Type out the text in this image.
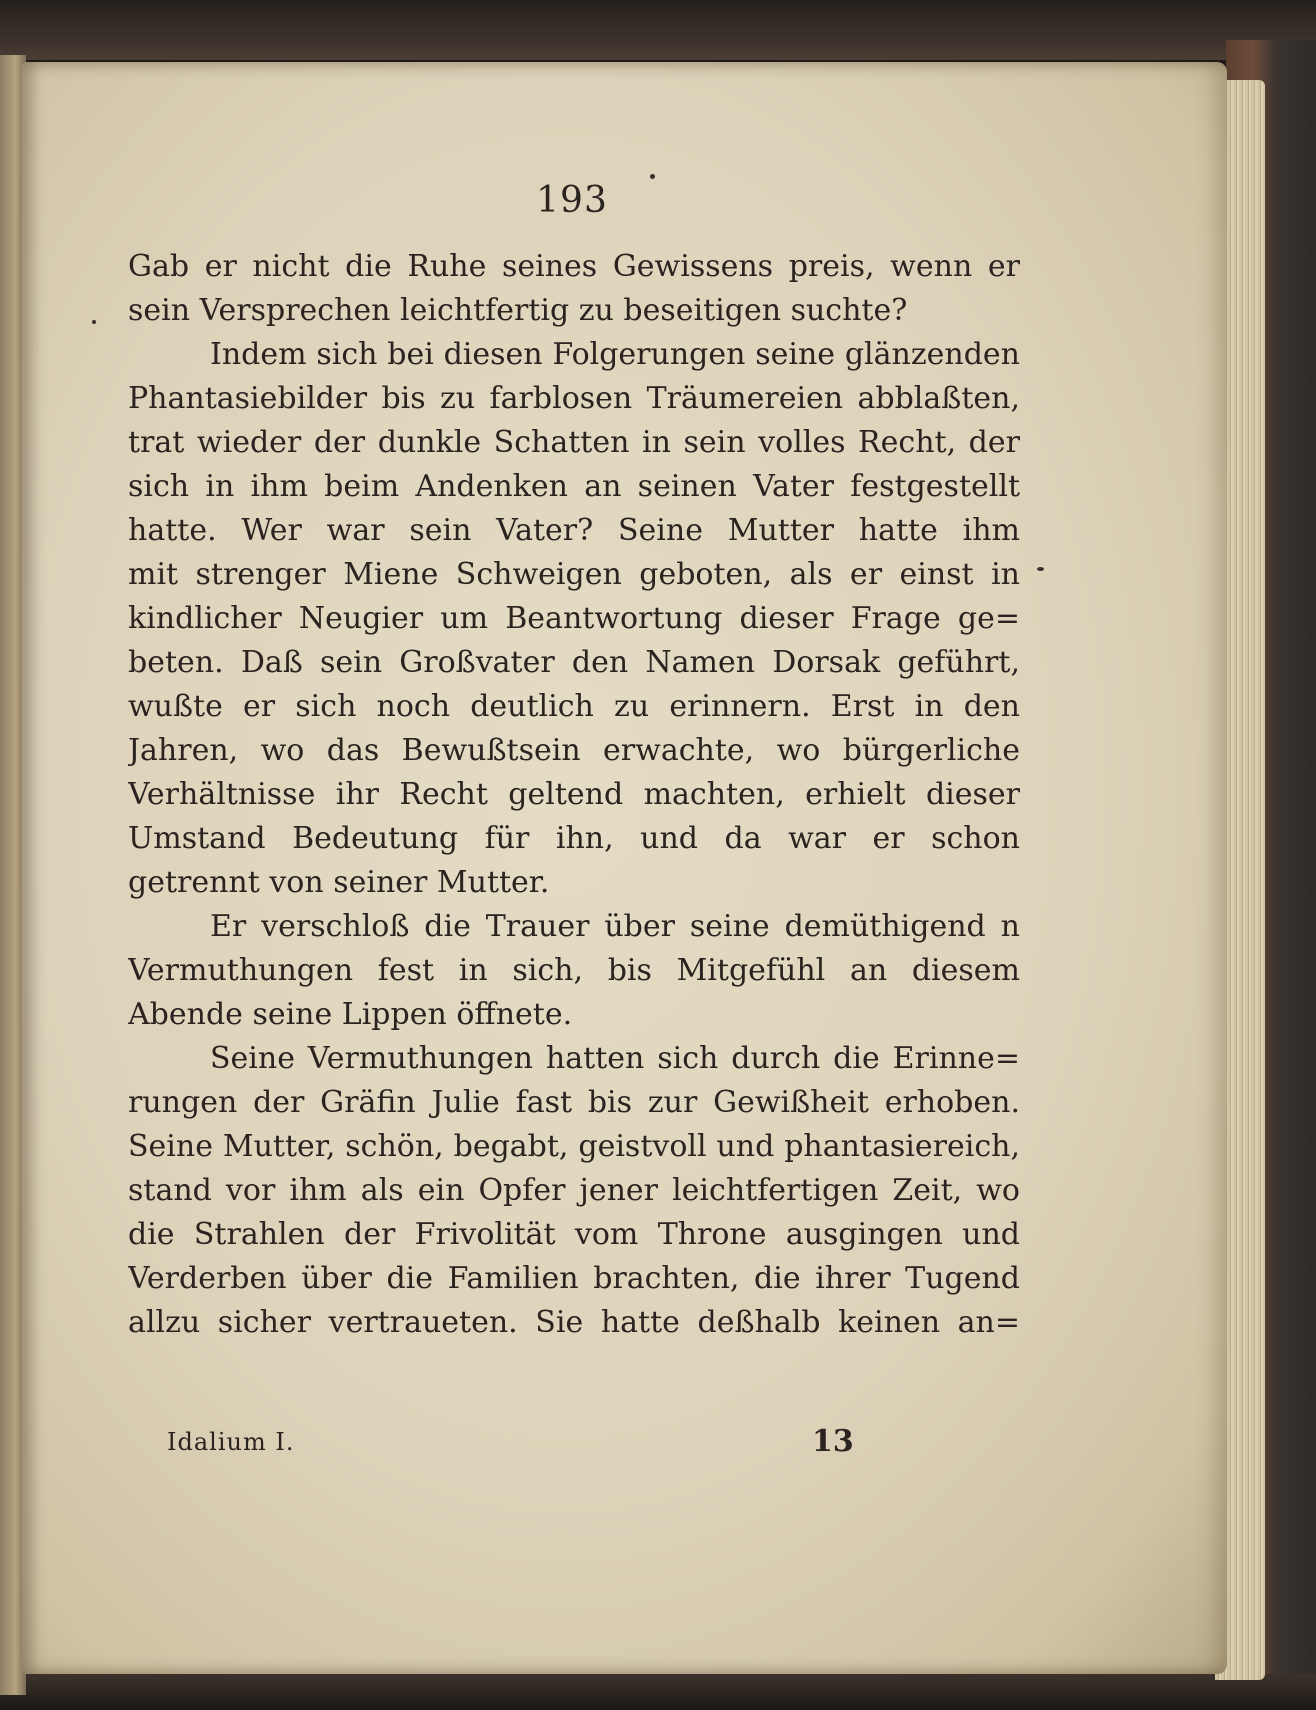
193
Gab er nicht die Ruhe seines Gewissens preis, wenn er
sein Versprechen leichtfertig zu beseitigen suchte?
Indem sich bei diesen Folgerungen seine glänzenden
Phantasiebilder bis zu farblosen Träumereien abblaßten,
trat wieder der dunkle Schatten in sein volles Recht, der
sich in ihm beim Andenken an seinen Vater festgestellt
hatte. Wer war sein Vater? Seine Mutter hatte ihm
mit strenger Miene Schweigen geboten, als er einst in
kindlicher Neugier um Beantwortung dieser Frage ge=
beten. Daß sein Großvater den Namen Dorsak geführt,
wußte er sich noch deutlich zu erinnern. Erst in den
Jahren, wo das Bewußtsein erwachte, wo bürgerliche
Verhältnisse ihr Recht geltend machten, erhielt dieser
Umstand Bedeutung für ihn, und da war er schon
getrennt von seiner Mutter.
Er verschloß die Trauer über seine demüthigend n
Vermuthungen fest in sich, bis Mitgefühl an diesem
Abende seine Lippen öffnete.
Seine Vermuthungen hatten sich durch die Erinne=
rungen der Gräfin Julie fast bis zur Gewißheit erhoben.
Seine Mutter, schön, begabt, geistvoll und phantasiereich,
stand vor ihm als ein Opfer jener leichtfertigen Zeit, wo
die Strahlen der Frivolität vom Throne ausgingen und
Verderben über die Familien brachten, die ihrer Tugend
allzu sicher vertraueten. Sie hatte deßhalb keinen an=
Idalium I.	13
